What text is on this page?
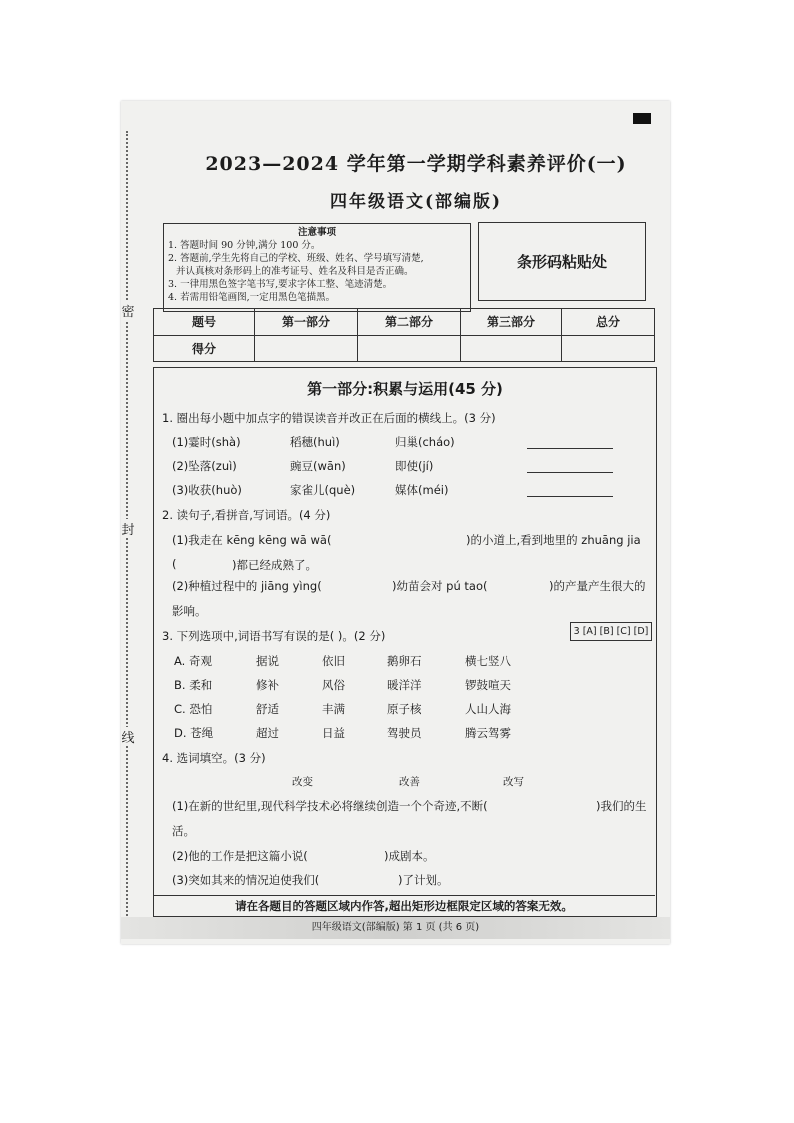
密
封
线
2023—2024 学年第一学期学科素养评价(一)
四年级语文(部编版)
注意事项
1. 答题时间 90 分钟,满分 100 分。
2. 答题前,学生先将自己的学校、班级、姓名、学号填写清楚,
并认真核对条形码上的准考证号、姓名及科目是否正确。
3. 一律用黑色签字笔书写,要求字体工整、笔迹清楚。
4. 若需用铅笔画图,一定用黑色笔描黑。
条形码粘贴处
题号	第一部分	第二部分	第三部分	总分
得分				
第一部分:积累与运用(45 分)
1. 圈出每小题中加点字的错误读音并改正在后面的横线上。(3 分)
(1)霎时(shà)	稻穗(huì)	归巢(cháo)
(2)坠落(zuì)	豌豆(wān)	即使(jí)
(3)收获(huò)	家雀儿(què)	媒体(méi)
2. 读句子,看拼音,写词语。(4 分)
(1)我走在 kēng kēng wā wā(	)的小道上,看到地里的 zhuāng jia
(	)都已经成熟了。
(2)种植过程中的 jiāng yìng(	)幼苗会对 pú tao(	)的产量产生很大的
影响。
3. 下列选项中,词语书写有误的是( )。(2 分)	3 [A] [B] [C] [D]
A. 奇观	据说	依旧	鹅卵石	横七竖八
B. 柔和	修补	风俗	暖洋洋	锣鼓喧天
C. 恐怕	舒适	丰满	原子核	人山人海
D. 苍绳	超过	日益	驾驶员	腾云驾雾
4. 选词填空。(3 分)
改变	改善	改写
(1)在新的世纪里,现代科学技术必将继续创造一个个奇迹,不断(	)我们的生
活。
(2)他的工作是把这篇小说(	)成剧本。
(3)突如其来的情况迫使我们(	)了计划。
请在各题目的答题区域内作答,超出矩形边框限定区域的答案无效。
四年级语文(部编版) 第 1 页 (共 6 页)
